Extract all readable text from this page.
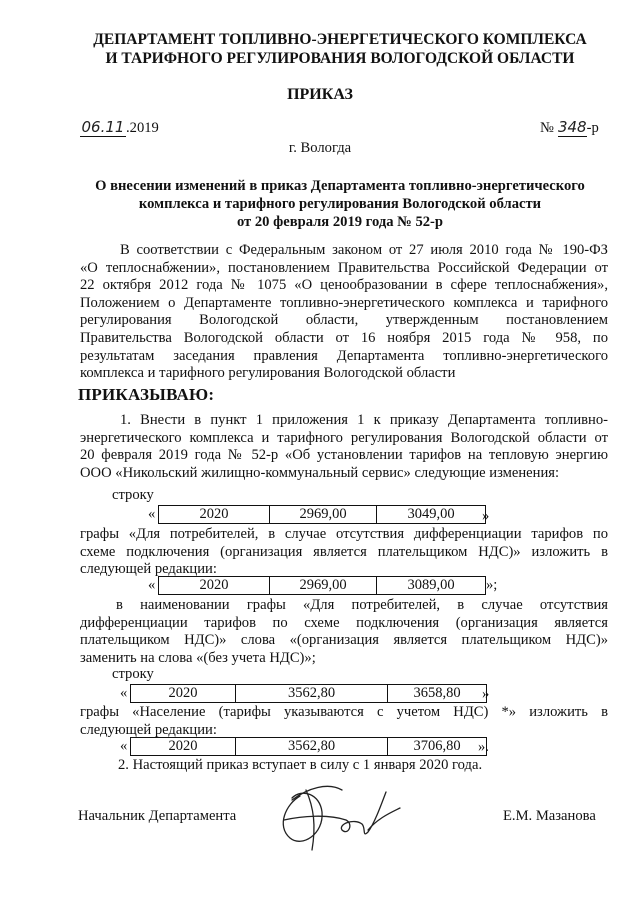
ДЕПАРТАМЕНТ ТОПЛИВНО-ЭНЕРГЕТИЧЕСКОГО КОМПЛЕКСА
И ТАРИФНОГО РЕГУЛИРОВАНИЯ ВОЛОГОДСКОЙ ОБЛАСТИ
ПРИКАЗ
06.11 .2019	№ 348-р
г. Вологда
О внесении изменений в приказ Департамента топливно-энергетического
комплекса и тарифного регулирования Вологодской области
от 20 февраля 2019 года № 52-р
В соответствии с Федеральным законом от 27 июля 2010 года № 190-ФЗ
«О теплоснабжении», постановлением Правительства Российской Федерации от
22 октября 2012 года № 1075 «О ценообразовании в сфере теплоснабжения»,
Положением о Департаменте топливно-энергетического комплекса и тарифного
регулирования Вологодской области, утвержденным постановлением
Правительства Вологодской области от 16 ноября 2015 года № 958, по
результатам заседания правления Департамента топливно-энергетического
комплекса и тарифного регулирования Вологодской области
ПРИКАЗЫВАЮ:
1. Внести в пункт 1 приложения 1 к приказу Департамента топливно-
энергетического комплекса и тарифного регулирования Вологодской области от
20 февраля 2019 года № 52-р «Об установлении тарифов на тепловую энергию
ООО «Никольский жилищно-коммунальный сервис» следующие изменения:
строку
«	2020	2969,00	3049,00 »
графы «Для потребителей, в случае отсутствия дифференциации тарифов по
схеме подключения (организация является плательщиком НДС)» изложить в
следующей редакции:
«	2020	2969,00	3089,00 »;
в наименовании графы «Для потребителей, в случае отсутствия
дифференциации тарифов по схеме подключения (организация является
плательщиком НДС)» слова «(организация является плательщиком НДС)»
заменить на слова «(без учета НДС)»;
строку
«	2020	3562,80	3658,80 »
графы «Население (тарифы указываются с учетом НДС) *» изложить в
следующей редакции:
«	2020	3562,80	3706,80 ».
2. Настоящий приказ вступает в силу с 1 января 2020 года.
Начальник Департамента	Е.М. Мазанова
